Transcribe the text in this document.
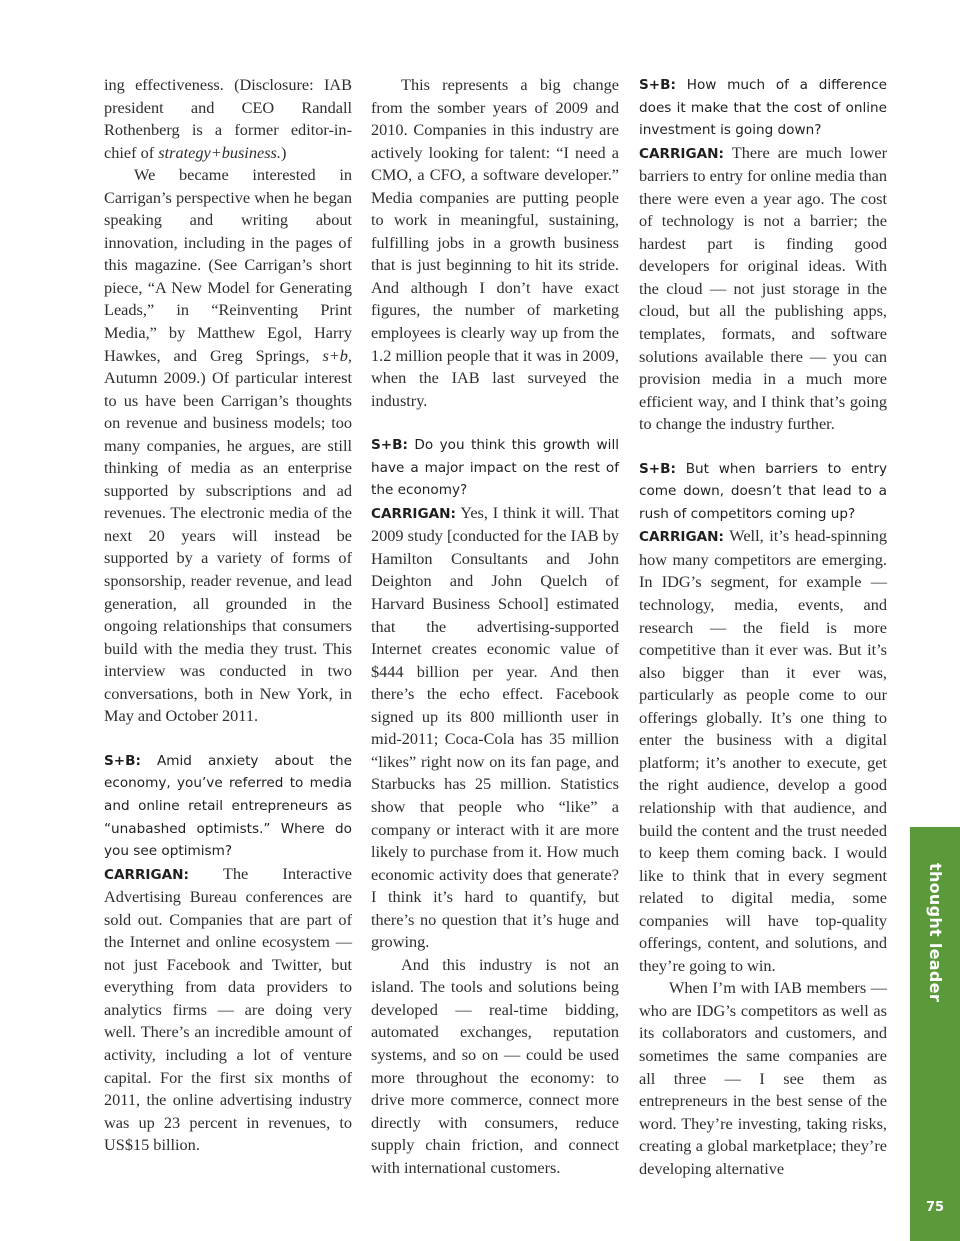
ing effectiveness. (Disclosure: IAB president and CEO Randall Rothenberg is a former editor-in-chief of strategy+business.)

We became interested in Carrigan’s perspective when he began speaking and writing about innovation, including in the pages of this magazine. (See Carrigan’s short piece, “A New Model for Generating Leads,” in “Reinventing Print Media,” by Matthew Egol, Harry Hawkes, and Greg Springs, s+b, Autumn 2009.) Of particular interest to us have been Carrigan’s thoughts on revenue and business models; too many companies, he argues, are still thinking of media as an enterprise supported by subscriptions and ad revenues. The electronic media of the next 20 years will instead be supported by a variety of forms of sponsorship, reader revenue, and lead generation, all grounded in the ongoing relationships that consumers build with the media they trust. This interview was conducted in two conversations, both in New York, in May and October 2011.

S+B: Amid anxiety about the economy, you’ve referred to media and online retail entrepreneurs as “unabashed optimists.” Where do you see optimism?

CARRIGAN: The Interactive Advertising Bureau conferences are sold out. Companies that are part of the Internet and online ecosystem — not just Facebook and Twitter, but everything from data providers to analytics firms — are doing very well. There’s an incredible amount of activity, including a lot of venture capital. For the first six months of 2011, the online advertising industry was up 23 percent in revenues, to US$15 billion.

This represents a big change from the somber years of 2009 and 2010. Companies in this industry are actively looking for talent: “I need a CMO, a CFO, a software developer.” Media companies are putting people to work in meaningful, sustaining, fulfilling jobs in a growth business that is just beginning to hit its stride. And although I don’t have exact figures, the number of marketing employees is clearly way up from the 1.2 million people that it was in 2009, when the IAB last surveyed the industry.

S+B: Do you think this growth will have a major impact on the rest of the economy?

CARRIGAN: Yes, I think it will. That 2009 study [conducted for the IAB by Hamilton Consultants and John Deighton and John Quelch of Harvard Business School] estimated that the advertising-supported Internet creates economic value of $444 billion per year. And then there’s the echo effect. Facebook signed up its 800 millionth user in mid-2011; Coca-Cola has 35 million “likes” right now on its fan page, and Starbucks has 25 million. Statistics show that people who “like” a company or interact with it are more likely to purchase from it. How much economic activity does that generate? I think it’s hard to quantify, but there’s no question that it’s huge and growing.

And this industry is not an island. The tools and solutions being developed — real-time bidding, automated exchanges, reputation systems, and so on — could be used more throughout the economy: to drive more commerce, connect more directly with consumers, reduce supply chain friction, and connect with international customers.

S+B: How much of a difference does it make that the cost of online investment is going down?

CARRIGAN: There are much lower barriers to entry for online media than there were even a year ago. The cost of technology is not a barrier; the hardest part is finding good developers for original ideas. With the cloud — not just storage in the cloud, but all the publishing apps, templates, formats, and software solutions available there — you can provision media in a much more efficient way, and I think that’s going to change the industry further.

S+B: But when barriers to entry come down, doesn’t that lead to a rush of competitors coming up?

CARRIGAN: Well, it’s head-spinning how many competitors are emerging. In IDG’s segment, for example — technology, media, events, and research — the field is more competitive than it ever was. But it’s also bigger than it ever was, particularly as people come to our offerings globally. It’s one thing to enter the business with a digital platform; it’s another to execute, get the right audience, develop a good relationship with that audience, and build the content and the trust needed to keep them coming back. I would like to think that in every segment related to digital media, some companies will have top-quality offerings, content, and solutions, and they’re going to win.

When I’m with IAB members — who are IDG’s competitors as well as its collaborators and customers, and sometimes the same companies are all three — I see them as entrepreneurs in the best sense of the word. They’re investing, taking risks, creating a global marketplace; they’re developing alternative

thought leader
75
